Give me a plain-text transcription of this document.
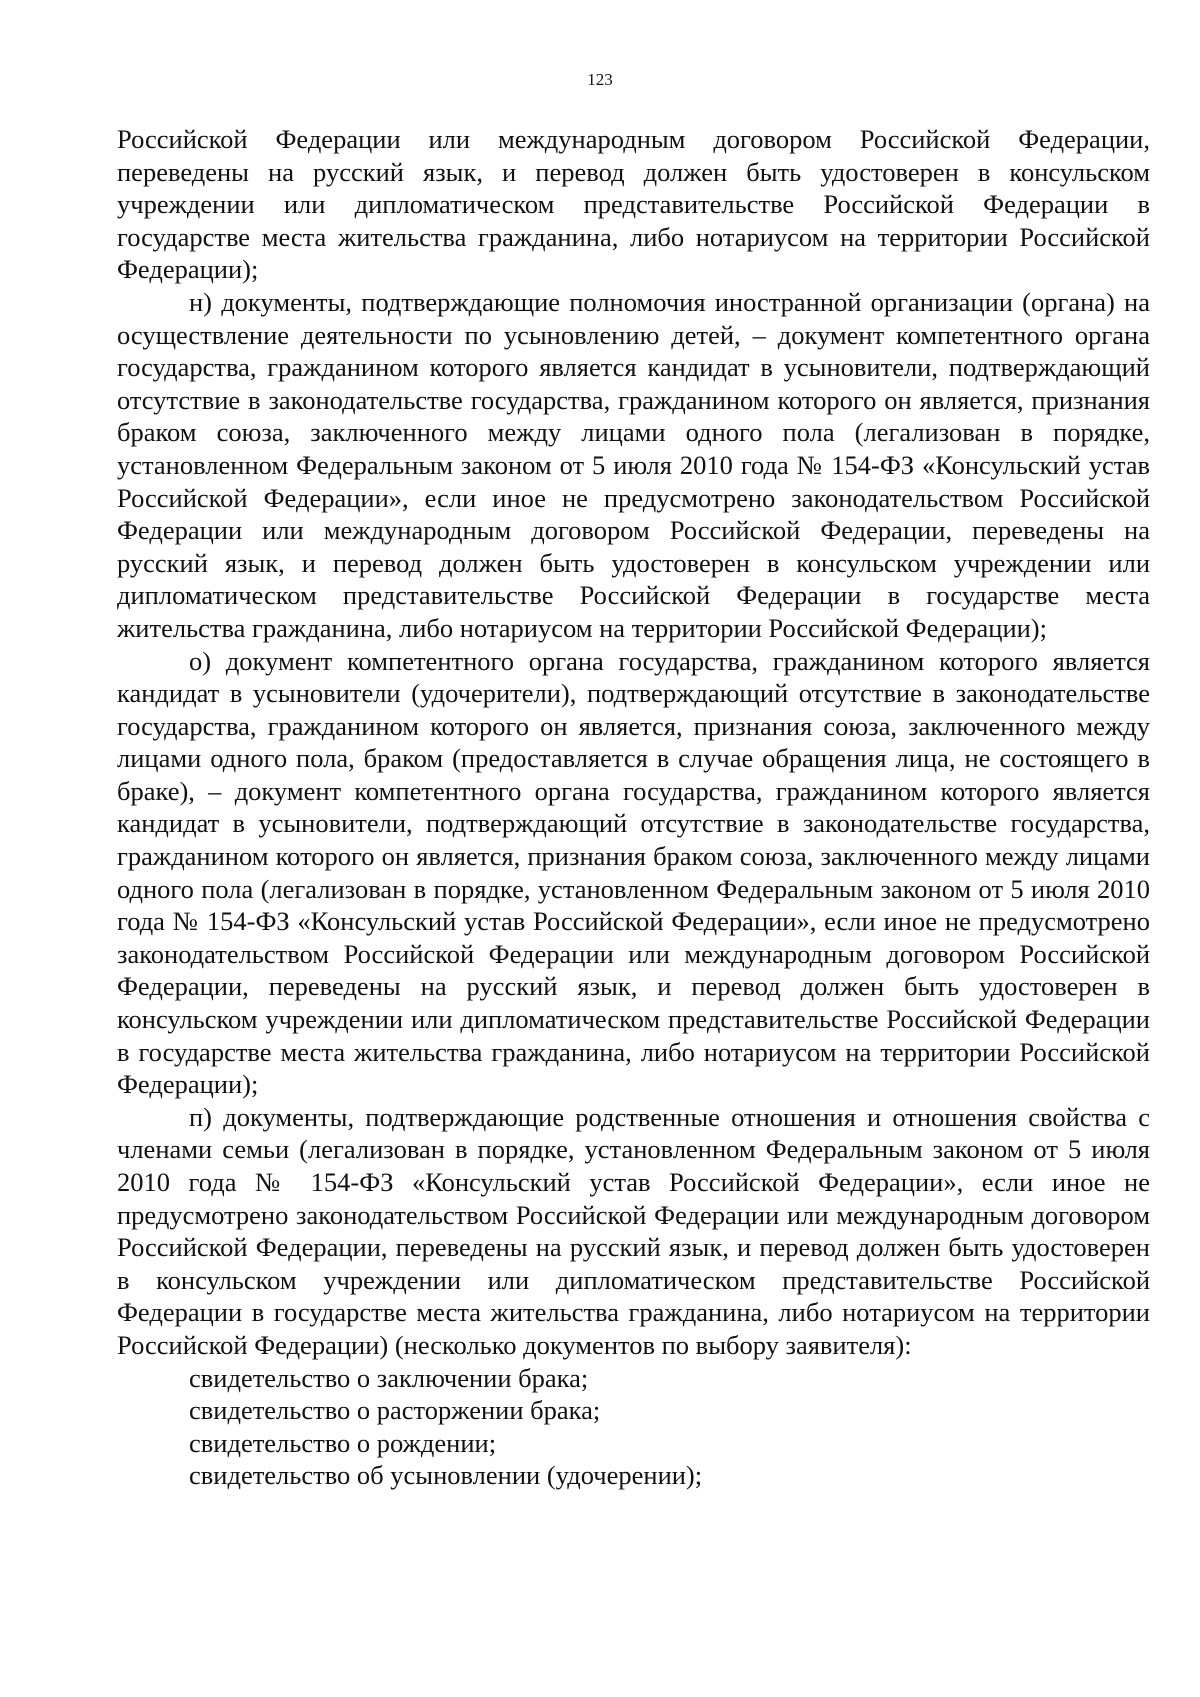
123

Российской Федерации или международным договором Российской Федерации, переведены на русский язык, и перевод должен быть удостоверен в консульском учреждении или дипломатическом представительстве Российской Федерации в государстве места жительства гражданина, либо нотариусом на территории Российской Федерации);

н) документы, подтверждающие полномочия иностранной организации (органа) на осуществление деятельности по усыновлению детей, – документ компетентного органа государства, гражданином которого является кандидат в усыновители, подтверждающий отсутствие в законодательстве государства, гражданином которого он является, признания браком союза, заключенного между лицами одного пола (легализован в порядке, установленном Федеральным законом от 5 июля 2010 года № 154-ФЗ «Консульский устав Российской Федерации», если иное не предусмотрено законодательством Российской Федерации или международным договором Российской Федерации, переведены на русский язык, и перевод должен быть удостоверен в консульском учреждении или дипломатическом представительстве Российской Федерации в государстве места жительства гражданина, либо нотариусом на территории Российской Федерации);

о) документ компетентного органа государства, гражданином которого является кандидат в усыновители (удочерители), подтверждающий отсутствие в законодательстве государства, гражданином которого он является, признания союза, заключенного между лицами одного пола, браком (предоставляется в случае обращения лица, не состоящего в браке), – документ компетентного органа государства, гражданином которого является кандидат в усыновители, подтверждающий отсутствие в законодательстве государства, гражданином которого он является, признания браком союза, заключенного между лицами одного пола (легализован в порядке, установленном Федеральным законом от 5 июля 2010 года № 154-ФЗ «Консульский устав Российской Федерации», если иное не предусмотрено законодательством Российской Федерации или международным договором Российской Федерации, переведены на русский язык, и перевод должен быть удостоверен в консульском учреждении или дипломатическом представительстве Российской Федерации в государстве места жительства гражданина, либо нотариусом на территории Российской Федерации);

п) документы, подтверждающие родственные отношения и отношения свойства с членами семьи (легализован в порядке, установленном Федеральным законом от 5 июля 2010 года № 154-ФЗ «Консульский устав Российской Федерации», если иное не предусмотрено законодательством Российской Федерации или международным договором Российской Федерации, переведены на русский язык, и перевод должен быть удостоверен в консульском учреждении или дипломатическом представительстве Российской Федерации в государстве места жительства гражданина, либо нотариусом на территории Российской Федерации) (несколько документов по выбору заявителя):

свидетельство о заключении брака;

свидетельство о расторжении брака;

свидетельство о рождении;

свидетельство об усыновлении (удочерении);
